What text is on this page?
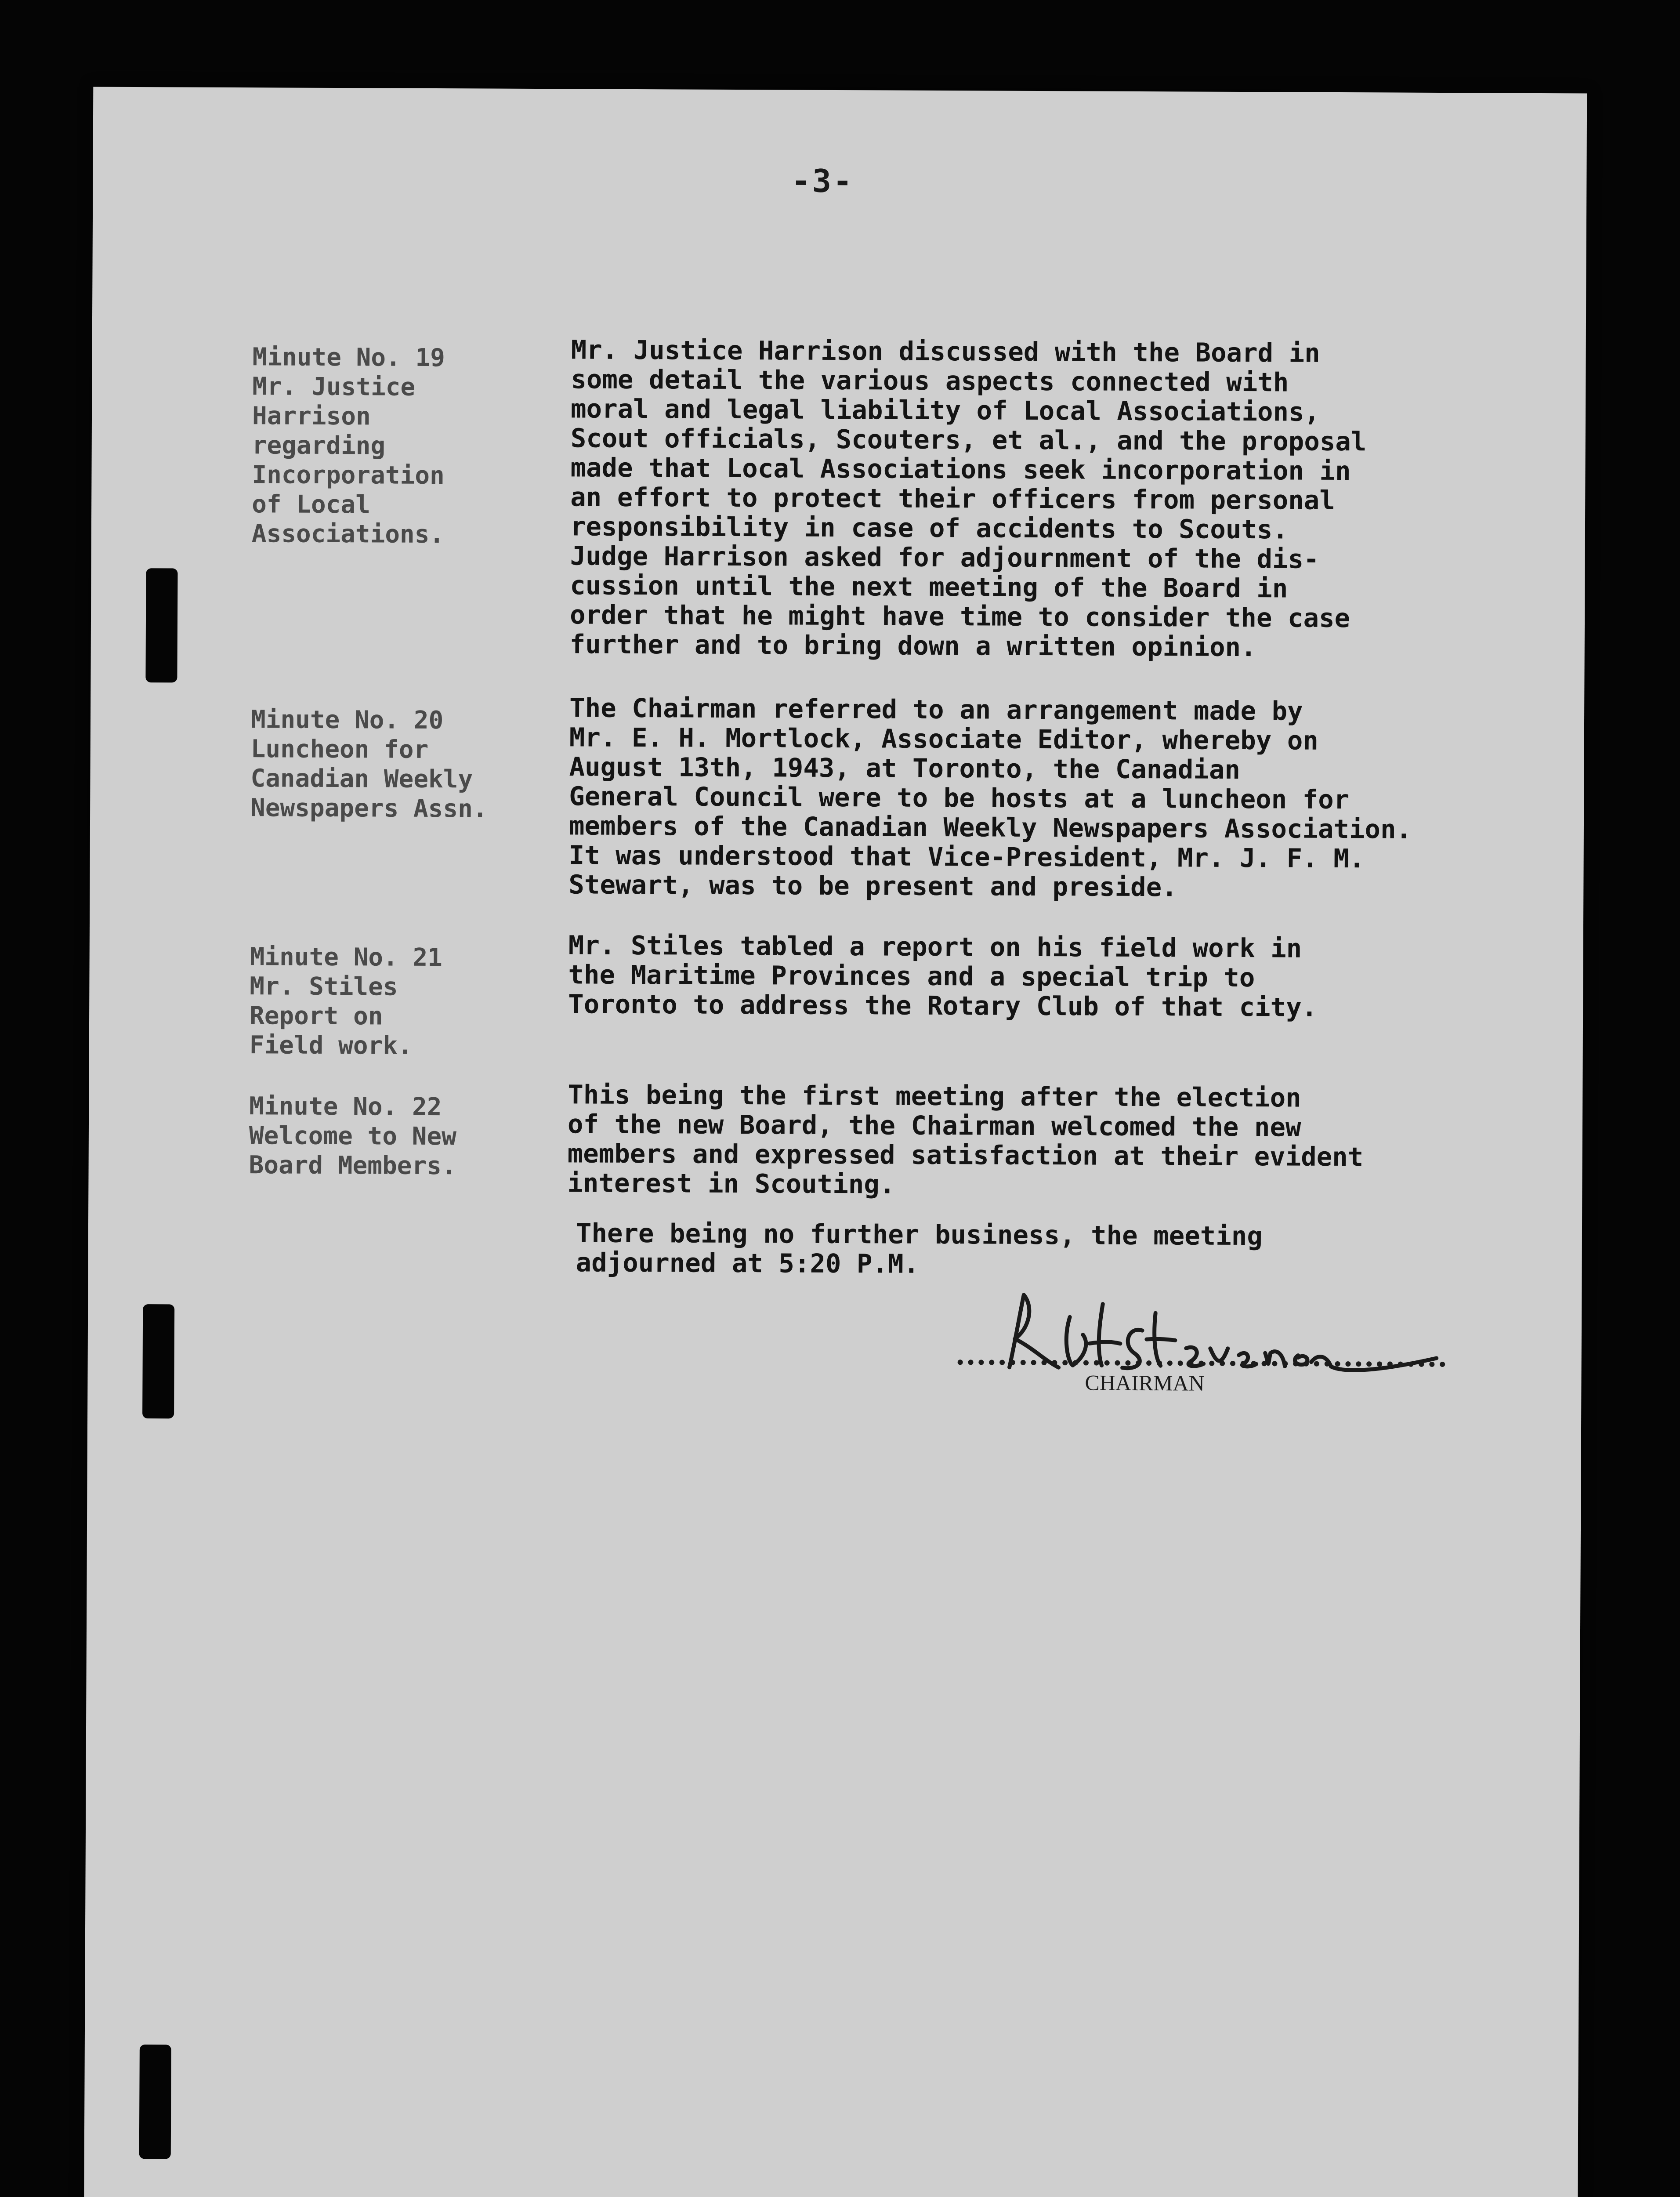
-3-
Minute No. 19
Mr. Justice
Harrison
regarding
Incorporation
of Local
Associations.
Mr. Justice Harrison discussed with the Board in
some detail the various aspects connected with
moral and legal liability of Local Associations,
Scout officials, Scouters, et al., and the proposal
made that Local Associations seek incorporation in
an effort to protect their officers from personal
responsibility in case of accidents to Scouts.
Judge Harrison asked for adjournment of the dis-
cussion until the next meeting of the Board in
order that he might have time to consider the case
further and to bring down a written opinion.
Minute No. 20
Luncheon for
Canadian Weekly
Newspapers Assn.
The Chairman referred to an arrangement made by
Mr. E. H. Mortlock, Associate Editor, whereby on
August 13th, 1943, at Toronto, the Canadian
General Council were to be hosts at a luncheon for
members of the Canadian Weekly Newspapers Association.
It was understood that Vice-President, Mr. J. F. M.
Stewart, was to be present and preside.
Minute No. 21
Mr. Stiles
Report on
Field work.
Mr. Stiles tabled a report on his field work in
the Maritime Provinces and a special trip to
Toronto to address the Rotary Club of that city.
Minute No. 22
Welcome to New
Board Members.
This being the first meeting after the election
of the new Board, the Chairman welcomed the new
members and expressed satisfaction at their evident
interest in Scouting.
There being no further business, the meeting
adjourned at 5:20 P.M.
CHAIRMAN
